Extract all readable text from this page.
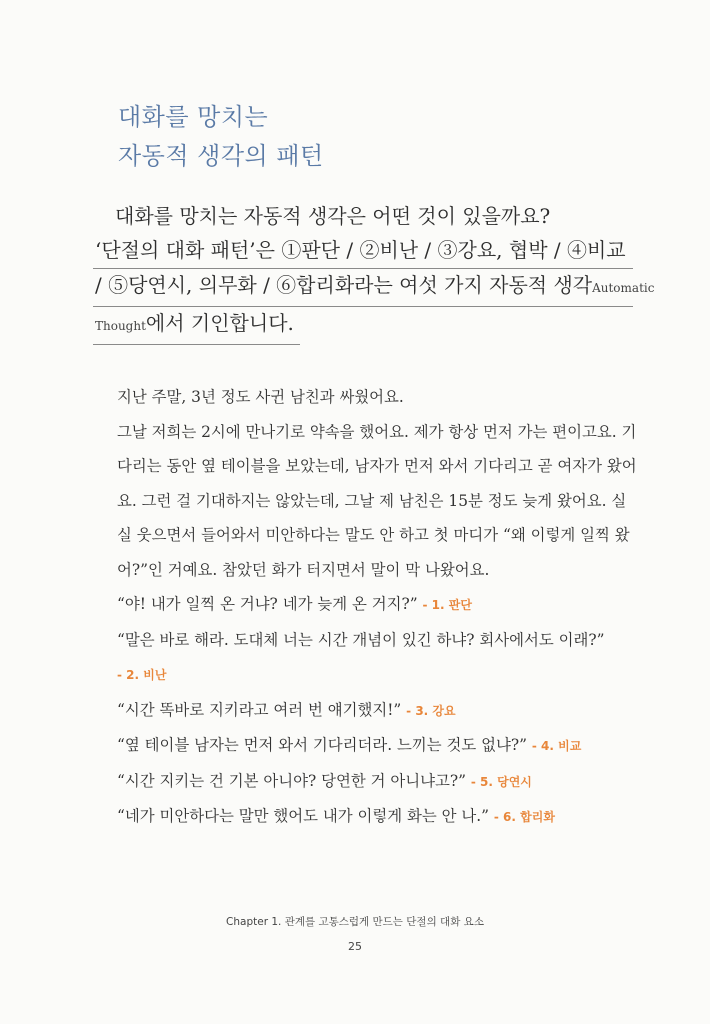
대화를 망치는
자동적 생각의 패턴
대화를 망치는 자동적 생각은 어떤 것이 있을까요?
‘단절의 대화 패턴’은 ①판단 / ②비난 / ③강요, 협박 / ④비교
/ ⑤당연시, 의무화 / ⑥합리화라는 여섯 가지 자동적 생각Automatic
Thought에서 기인합니다.

지난 주말, 3년 정도 사귄 남친과 싸웠어요.

그날 저희는 2시에 만나기로 약속을 했어요. 제가 항상 먼저 가는 편이고요. 기다리는 동안 옆 테이블을 보았는데, 남자가 먼저 와서 기다리고 곧 여자가 왔어요. 그런 걸 기대하지는 않았는데, 그날 제 남친은 15분 정도 늦게 왔어요. 실실 웃으면서 들어와서 미안하다는 말도 안 하고 첫 마디가 “왜 이렇게 일찍 왔어?”인 거예요. 참았던 화가 터지면서 말이 막 나왔어요.

“야! 내가 일찍 온 거냐? 네가 늦게 온 거지?” - 1. 판단

“말은 바로 해라. 도대체 너는 시간 개념이 있긴 하냐? 회사에서도 이래?”
- 2. 비난

“시간 똑바로 지키라고 여러 번 얘기했지!” - 3. 강요

“옆 테이블 남자는 먼저 와서 기다리더라. 느끼는 것도 없냐?” - 4. 비교

“시간 지키는 건 기본 아니야? 당연한 거 아니냐고?” - 5. 당연시

“네가 미안하다는 말만 했어도 내가 이렇게 화는 안 나.” - 6. 합리화

Chapter 1. 관계를 고통스럽게 만드는 단절의 대화 요소
25
